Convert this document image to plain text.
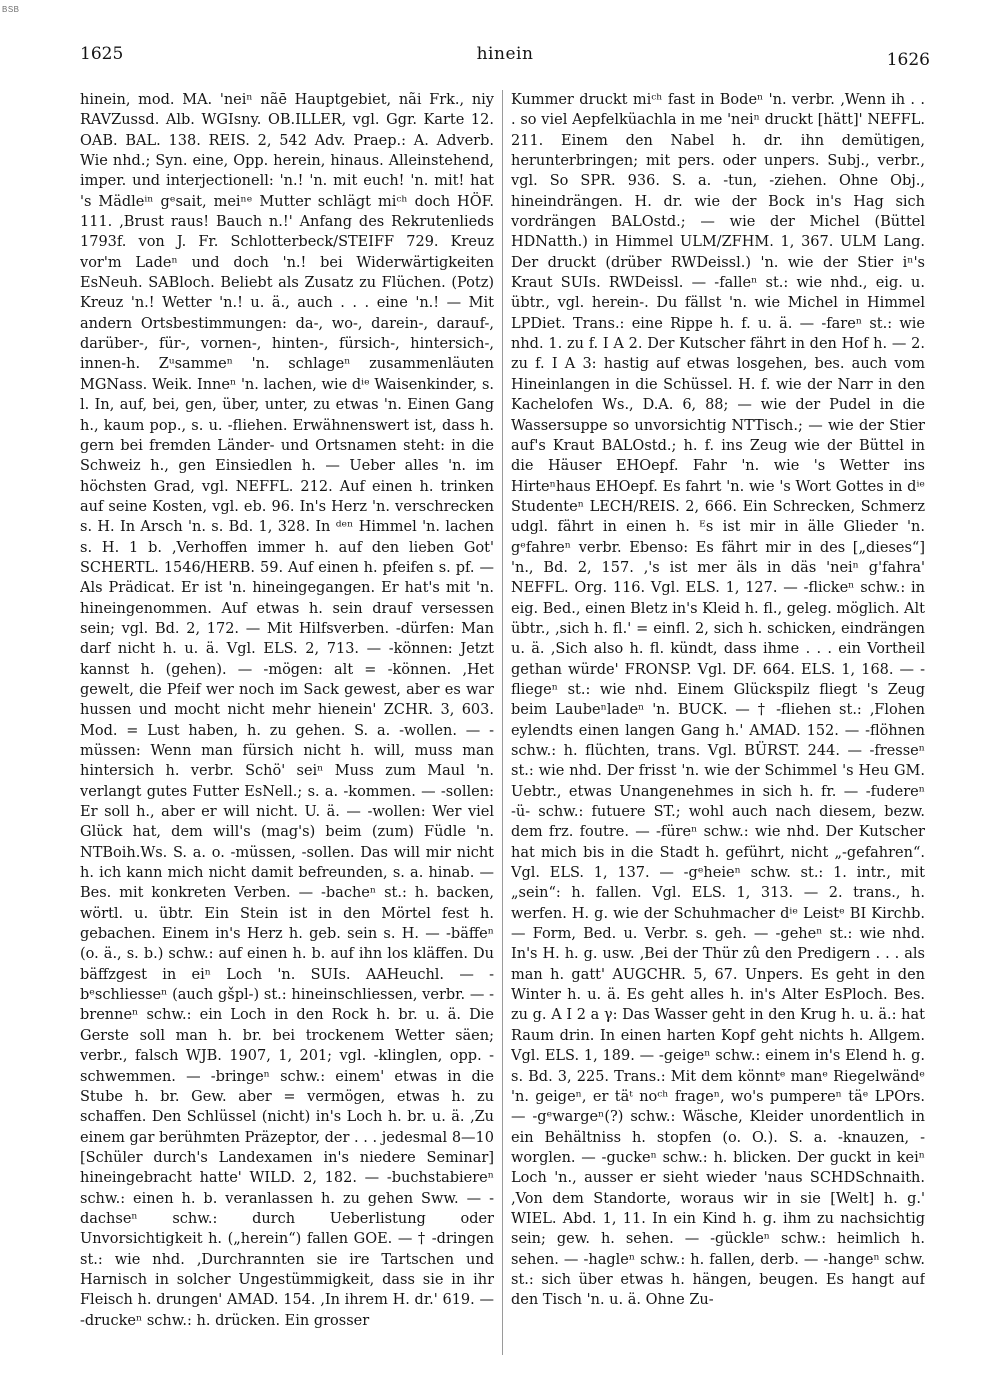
BSB
1625	hinein	1626

hinein, mod. MA. 'neiⁿ nãē Hauptgebiet, nãi Frk., niy RAVZussd. Alb. WGIsny. OB.ILLER, vgl. Ggr. Karte 12. OAB. BAL. 138. REIS. 2, 542 Adv. Praep.: A. Adverb. Wie nhd.; Syn. eine, Opp. herein, hinaus. Alleinstehend, imper. und interjectionell: 'n.! 'n. mit euch! 'n. mit! hat 's Mädleⁱⁿ gᵉsait, meiⁿᵉ Mutter schlägt miᶜʰ doch HÖF. 111. ‚Brust raus! Bauch n.!' Anfang des Rekrutenlieds 1793f. von J. Fr. Schlotterbeck/STEIFF 729. Kreuz vor'm Ladeⁿ und doch 'n.! bei Widerwärtigkeiten EsNeuh. SABloch. Beliebt als Zusatz zu Flüchen. (Potz) Kreuz 'n.! Wetter 'n.! u. ä., auch . . . eine 'n.! — Mit andern Ortsbestimmungen: da-, wo-, darein-, darauf-, darüber-, für-, vornen-, hinten-, fürsich-, hintersich-, innen-h. Zᵘsammeⁿ 'n. schlageⁿ zusammenläuten MGNass. Weik. Inneⁿ 'n. lachen, wie dⁱᵉ Waisenkinder, s. l. In, auf, bei, gen, über, unter, zu etwas 'n. Einen Gang h., kaum pop., s. u. -fliehen. Erwähnenswert ist, dass h. gern bei fremden Länder- und Ortsnamen steht: in die Schweiz h., gen Einsiedlen h. — Ueber alles 'n. im höchsten Grad, vgl. NEFFL. 212. Auf einen h. trinken auf seine Kosten, vgl. eb. 96. In's Herz 'n. verschrecken s. H. In Arsch 'n. s. Bd. 1, 328. In ᵈᵉⁿ Himmel 'n. lachen s. H. 1 b. ‚Verhoffen immer h. auf den lieben Got' SCHERTL. 1546/HERB. 59. Auf einen h. pfeifen s. pf. — Als Prädicat. Er ist 'n. hineingegangen. Er hat's mit 'n. hineingenommen. Auf etwas h. sein drauf versessen sein; vgl. Bd. 2, 172. — Mit Hilfsverben. -dürfen: Man darf nicht h. u. ä. Vgl. ELS. 2, 713. — -können: Jetzt kannst h. (gehen). — -mögen: alt = -können. ‚Het gewelt, die Pfeif wer noch im Sack gewest, aber es war hussen und mocht nicht mehr hienein' ZCHR. 3, 603. Mod. = Lust haben, h. zu gehen. S. a. -wollen. — -müssen: Wenn man fürsich nicht h. will, muss man hintersich h. verbr. Schö' seiⁿ Muss zum Maul 'n. verlangt gutes Futter EsNell.; s. a. -kommen. — -sollen: Er soll h., aber er will nicht. U. ä. — -wollen: Wer viel Glück hat, dem will's (mag's) beim (zum) Füdle 'n. NTBoih.Ws. S. a. o. -müssen, -sollen. Das will mir nicht h. ich kann mich nicht damit befreunden, s. a. hinab. — Bes. mit konkreten Verben. — -bacheⁿ st.: h. backen, wörtl. u. übtr. Ein Stein ist in den Mörtel fest h. gebachen. Einem in's Herz h. geb. sein s. H. — -bäffeⁿ (o. ä., s. b.) schw.: auf einen h. b. auf ihn los kläffen. Du bäffzgest in eiⁿ Loch 'n. SUIs. AAHeuchl. — -bᵉschliesseⁿ (auch gšpl-) st.: hineinschliessen, verbr. — -brenneⁿ schw.: ein Loch in den Rock h. br. u. ä. Die Gerste soll man h. br. bei trockenem Wetter säen; verbr., falsch WJB. 1907, 1, 201; vgl. -klinglen, opp. -schwemmen. — -bringeⁿ schw.: einem' etwas in die Stube h. br. Gew. aber = vermögen, etwas h. zu schaffen. Den Schlüssel (nicht) in's Loch h. br. u. ä. ‚Zu einem gar berühmten Präzeptor, der . . . jedesmal 8—10 [Schüler durch's Landexamen in's niedere Seminar] hineingebracht hatte' WILD. 2, 182. — -buchstabiereⁿ schw.: einen h. b. veranlassen h. zu gehen Sww. — -dachseⁿ schw.: durch Ueberlistung oder Unvorsichtigkeit h. („herein“) fallen GOE. — † -dringen st.: wie nhd. ‚Durchrannten sie ire Tartschen und Harnisch in solcher Ungestümmigkeit, dass sie in ihr Fleisch h. drungen' AMAD. 154. ‚In ihrem H. dr.' 619. — -druckeⁿ schw.: h. drücken. Ein grosser

Kummer druckt miᶜʰ fast in Bodeⁿ 'n. verbr. ‚Wenn ih . . . so viel Aepfelküachla in me 'neiⁿ druckt [hätt]' NEFFL. 211. Einem den Nabel h. dr. ihn demütigen, herunterbringen; mit pers. oder unpers. Subj., verbr., vgl. So SPR. 936. S. a. -tun, -ziehen. Ohne Obj., hineindrängen. H. dr. wie der Bock in's Hag sich vordrängen BALOstd.; — wie der Michel (Büttel HDNatth.) in Himmel ULM/ZFHM. 1, 367. ULM Lang. Der druckt (drüber RWDeissl.) 'n. wie der Stier iⁿ's Kraut SUIs. RWDeissl. — -falleⁿ st.: wie nhd., eig. u. übtr., vgl. herein-. Du fällst 'n. wie Michel in Himmel LPDiet. Trans.: eine Rippe h. f. u. ä. — -fareⁿ st.: wie nhd. 1. zu f. I A 2. Der Kutscher fährt in den Hof h. — 2. zu f. I A 3: hastig auf etwas losgehen, bes. auch vom Hineinlangen in die Schüssel. H. f. wie der Narr in den Kachelofen Ws., D.A. 6, 88; — wie der Pudel in die Wassersuppe so unvorsichtig NTTisch.; — wie der Stier auf's Kraut BALOstd.; h. f. ins Zeug wie der Büttel in die Häuser EHOepf. Fahr 'n. wie 's Wetter ins Hirteⁿhaus EHOepf. Es fahrt 'n. wie 's Wort Gottes in dⁱᵉ Studenteⁿ LECH/REIS. 2, 666. Ein Schrecken, Schmerz udgl. fährt in einen h. ᴱs ist mir in älle Glieder 'n. gᵉfahreⁿ verbr. Ebenso: Es fährt mir in des [„dieses“] 'n., Bd. 2, 157. ‚'s ist mer äls in däs 'neiⁿ g'fahra' NEFFL. Org. 116. Vgl. ELS. 1, 127. — -flickeⁿ schw.: in eig. Bed., einen Bletz in's Kleid h. fl., geleg. möglich. Alt übtr., ‚sich h. fl.' = einfl. 2, sich h. schicken, eindrängen u. ä. ‚Sich also h. fl. kündt, dass ihme . . . ein Vortheil gethan würde' FRONSP. Vgl. DF. 664. ELS. 1, 168. — -fliegeⁿ st.: wie nhd. Einem Glückspilz fliegt 's Zeug beim Laubeⁿladeⁿ 'n. BUCK. — † -fliehen st.: ‚Flohen eylendts einen langen Gang h.' AMAD. 152. — -flöhnen schw.: h. flüchten, trans. Vgl. BÜRST. 244. — -fresseⁿ st.: wie nhd. Der frisst 'n. wie der Schimmel 's Heu GM. Uebtr., etwas Unangenehmes in sich h. fr. — -fudereⁿ -ü- schw.: futuere ST.; wohl auch nach diesem, bezw. dem frz. foutre. — -füreⁿ schw.: wie nhd. Der Kutscher hat mich bis in die Stadt h. geführt, nicht „-gefahren“. Vgl. ELS. 1, 137. — -gᵉheieⁿ schw. st.: 1. intr., mit „sein“: h. fallen. Vgl. ELS. 1, 313. — 2. trans., h. werfen. H. g. wie der Schuhmacher dⁱᵉ Leistᵉ BI Kirchb. — Form, Bed. u. Verbr. s. geh. — -geheⁿ st.: wie nhd. In's H. h. g. usw. ‚Bei der Thür zû den Predigern . . . als man h. gatt' AUGCHR. 5, 67. Unpers. Es geht in den Winter h. u. ä. Es geht alles h. in's Alter EsPloch. Bes. zu g. A I 2 a γ: Das Wasser geht in den Krug h. u. ä.: hat Raum drin. In einen harten Kopf geht nichts h. Allgem. Vgl. ELS. 1, 189. — -geigeⁿ schw.: einem in's Elend h. g. s. Bd. 3, 225. Trans.: Mit dem könntᵉ manᵉ Riegelwändᵉ 'n. geigeⁿ, er täᵗ noᶜʰ frageⁿ, wo's pumpereⁿ täᵉ LPOrs. — -gᵉwargeⁿ(?) schw.: Wäsche, Kleider unordentlich in ein Behältniss h. stopfen (o. O.). S. a. -knauzen, -worglen. — -guckeⁿ schw.: h. blicken. Der guckt in keiⁿ Loch 'n., ausser er sieht wieder 'naus SCHDSchnaith. ‚Von dem Standorte, woraus wir in sie [Welt] h. g.' WIEL. Abd. 1, 11. In ein Kind h. g. ihm zu nachsichtig sein; gew. h. sehen. — -gückleⁿ schw.: heimlich h. sehen. — -hagleⁿ schw.: h. fallen, derb. — -hangeⁿ schw. st.: sich über etwas h. hängen, beugen. Es hangt auf den Tisch 'n. u. ä. Ohne Zu-
